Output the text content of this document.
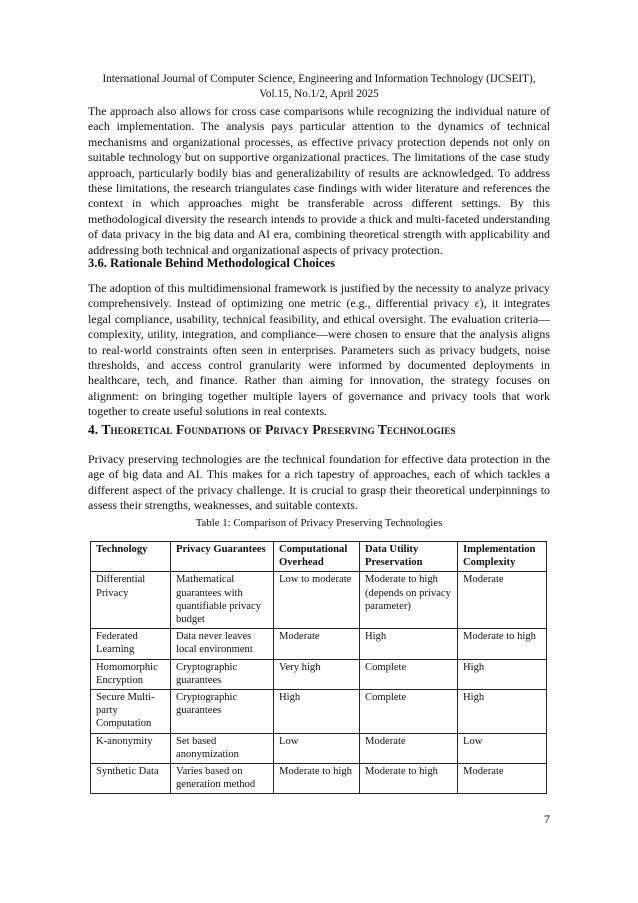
International Journal of Computer Science, Engineering and Information Technology (IJCSEIT),
Vol.15, No.1/2, April 2025

The approach also allows for cross case comparisons while recognizing the individual nature of each implementation. The analysis pays particular attention to the dynamics of technical mechanisms and organizational processes, as effective privacy protection depends not only on suitable technology but on supportive organizational practices. The limitations of the case study approach, particularly bodily bias and generalizability of results are acknowledged. To address these limitations, the research triangulates case findings with wider literature and references the context in which approaches might be transferable across different settings. By this methodological diversity the research intends to provide a thick and multi-faceted understanding of data privacy in the big data and AI era, combining theoretical strength with applicability and addressing both technical and organizational aspects of privacy protection.

3.6. Rationale Behind Methodological Choices

The adoption of this multidimensional framework is justified by the necessity to analyze privacy comprehensively. Instead of optimizing one metric (e.g., differential privacy ε), it integrates legal compliance, usability, technical feasibility, and ethical oversight. The evaluation criteria—complexity, utility, integration, and compliance—were chosen to ensure that the analysis aligns to real-world constraints often seen in enterprises. Parameters such as privacy budgets, noise thresholds, and access control granularity were informed by documented deployments in healthcare, tech, and finance. Rather than aiming for innovation, the strategy focuses on alignment: on bringing together multiple layers of governance and privacy tools that work together to create useful solutions in real contexts.

4. Theoretical Foundations of Privacy Preserving Technologies

Privacy preserving technologies are the technical foundation for effective data protection in the age of big data and AI. This makes for a rich tapestry of approaches, each of which tackles a different aspect of the privacy challenge. It is crucial to grasp their theoretical underpinnings to assess their strengths, weaknesses, and suitable contexts.

Table 1: Comparison of Privacy Preserving Technologies
Technology	Privacy Guarantees	Computational Overhead	Data Utility Preservation	Implementation Complexity
Differential Privacy	Mathematical guarantees with quantifiable privacy budget	Low to moderate	Moderate to high (depends on privacy parameter)	Moderate
Federated Learning	Data never leaves local environment	Moderate	High	Moderate to high
Homomorphic Encryption	Cryptographic guarantees	Very high	Complete	High
Secure Multi-party Computation	Cryptographic guarantees	High	Complete	High
K-anonymity	Set based anonymization	Low	Moderate	Low
Synthetic Data	Varies based on generation method	Moderate to high	Moderate to high	Moderate
7
